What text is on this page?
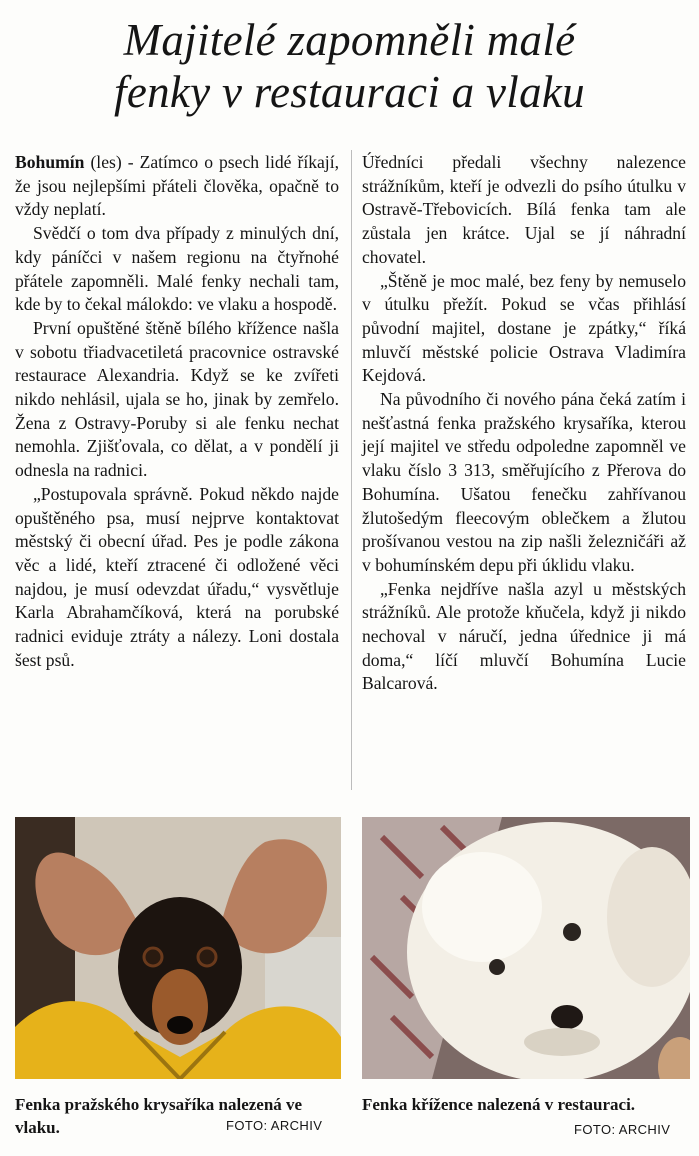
Majitelé zapomněli malé
fenky v restauraci a vlaku

Bohumín (les) - Zatímco o psech lidé říkají, že jsou nejlepšími přáteli člověka, opačně to vždy neplatí.

Svědčí o tom dva případy z minulých dní, kdy páníčci v našem regionu na čtyřnohé přátele zapomněli. Malé fenky nechali tam, kde by to čekal málokdo: ve vlaku a hospodě.

První opuštěné štěně bílého křížence našla v sobotu třiadvacetiletá pracovnice ostravské restaurace Alexandria. Když se ke zvířeti nikdo nehlásil, ujala se ho, jinak by zemřelo. Žena z Ostravy-Poruby si ale fenku nechat nemohla. Zjišťovala, co dělat, a v pondělí ji odnesla na radnici.

„Postupovala správně. Pokud někdo najde opuštěného psa, musí nejprve kontaktovat městský či obecní úřad. Pes je podle zákona věc a lidé, kteří ztracené či odložené věci najdou, je musí odevzdat úřadu,“ vysvětluje Karla Abrahamčíková, která na porubské radnici eviduje ztráty a nálezy. Loni dostala šest psů.

Úředníci předali všechny nalezence strážníkům, kteří je odvezli do psího útulku v Ostravě-Třebovicích. Bílá fenka tam ale zůstala jen krátce. Ujal se jí náhradní chovatel.

„Štěně je moc malé, bez feny by nemuselo v útulku přežít. Pokud se včas přihlásí původní majitel, dostane je zpátky,“ říká mluvčí městské policie Ostrava Vladimíra Kejdová.

Na původního či nového pána čeká zatím i nešťastná fenka pražského krysaříka, kterou její majitel ve středu odpoledne zapomněl ve vlaku číslo 3 313, směřujícího z Přerova do Bohumína. Ušatou fenečku zahřívanou žlutošedým fleecovým oblečkem a žlutou prošívanou vestou na zip našli železničáři až v bohumínském depu při úklidu vlaku.

„Fenka nejdříve našla azyl u městských strážníků. Ale protože kňučela, když ji nikdo nechoval v náručí, jedna úřednice ji má doma,“ líčí mluvčí Bohumína Lucie Balcarová.

Fenka pražského krysaříka nalezená ve vlaku.	FOTO: ARCHIV
Fenka křížence nalezená v restauraci.
FOTO: ARCHIV
